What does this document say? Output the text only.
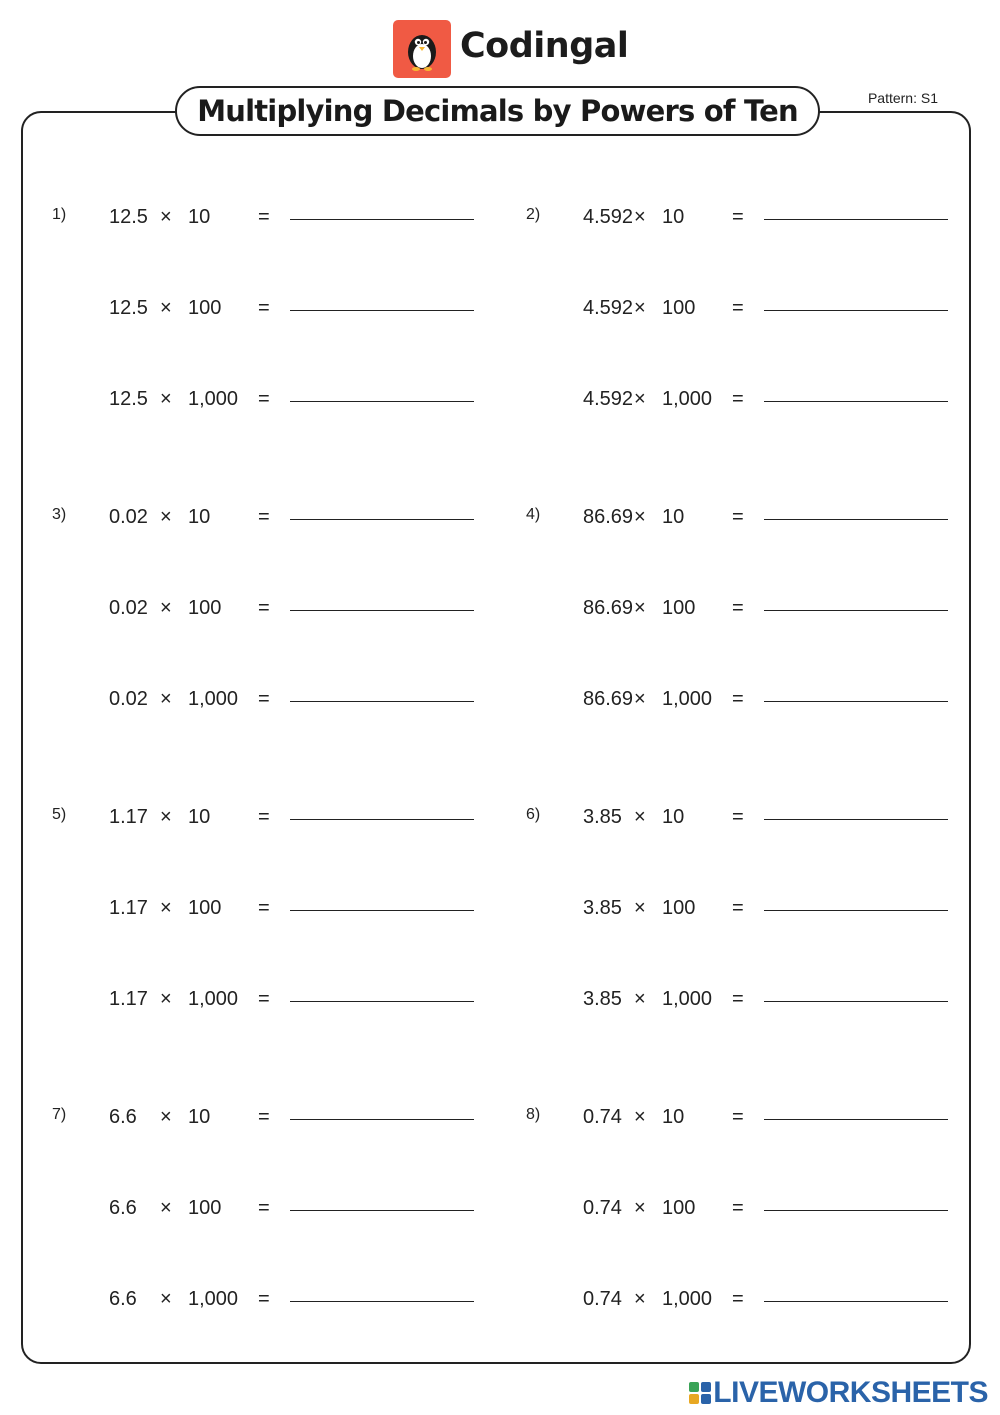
Codingal
Multiplying Decimals by Powers of Ten	Pattern: S1
1) 12.5 × 10 =
12.5 × 100 =
12.5 × 1,000 =
2) 4.592 × 10 =
4.592 × 100 =
4.592 × 1,000 =
3) 0.02 × 10 =
0.02 × 100 =
0.02 × 1,000 =
4) 86.69 × 10 =
86.69 × 100 =
86.69 × 1,000 =
5) 1.17 × 10 =
1.17 × 100 =
1.17 × 1,000 =
6) 3.85 × 10 =
3.85 × 100 =
3.85 × 1,000 =
7) 6.6 × 10 =
6.6 × 100 =
6.6 × 1,000 =
8) 0.74 × 10 =
0.74 × 100 =
0.74 × 1,000 =
LIVEWORKSHEETS
